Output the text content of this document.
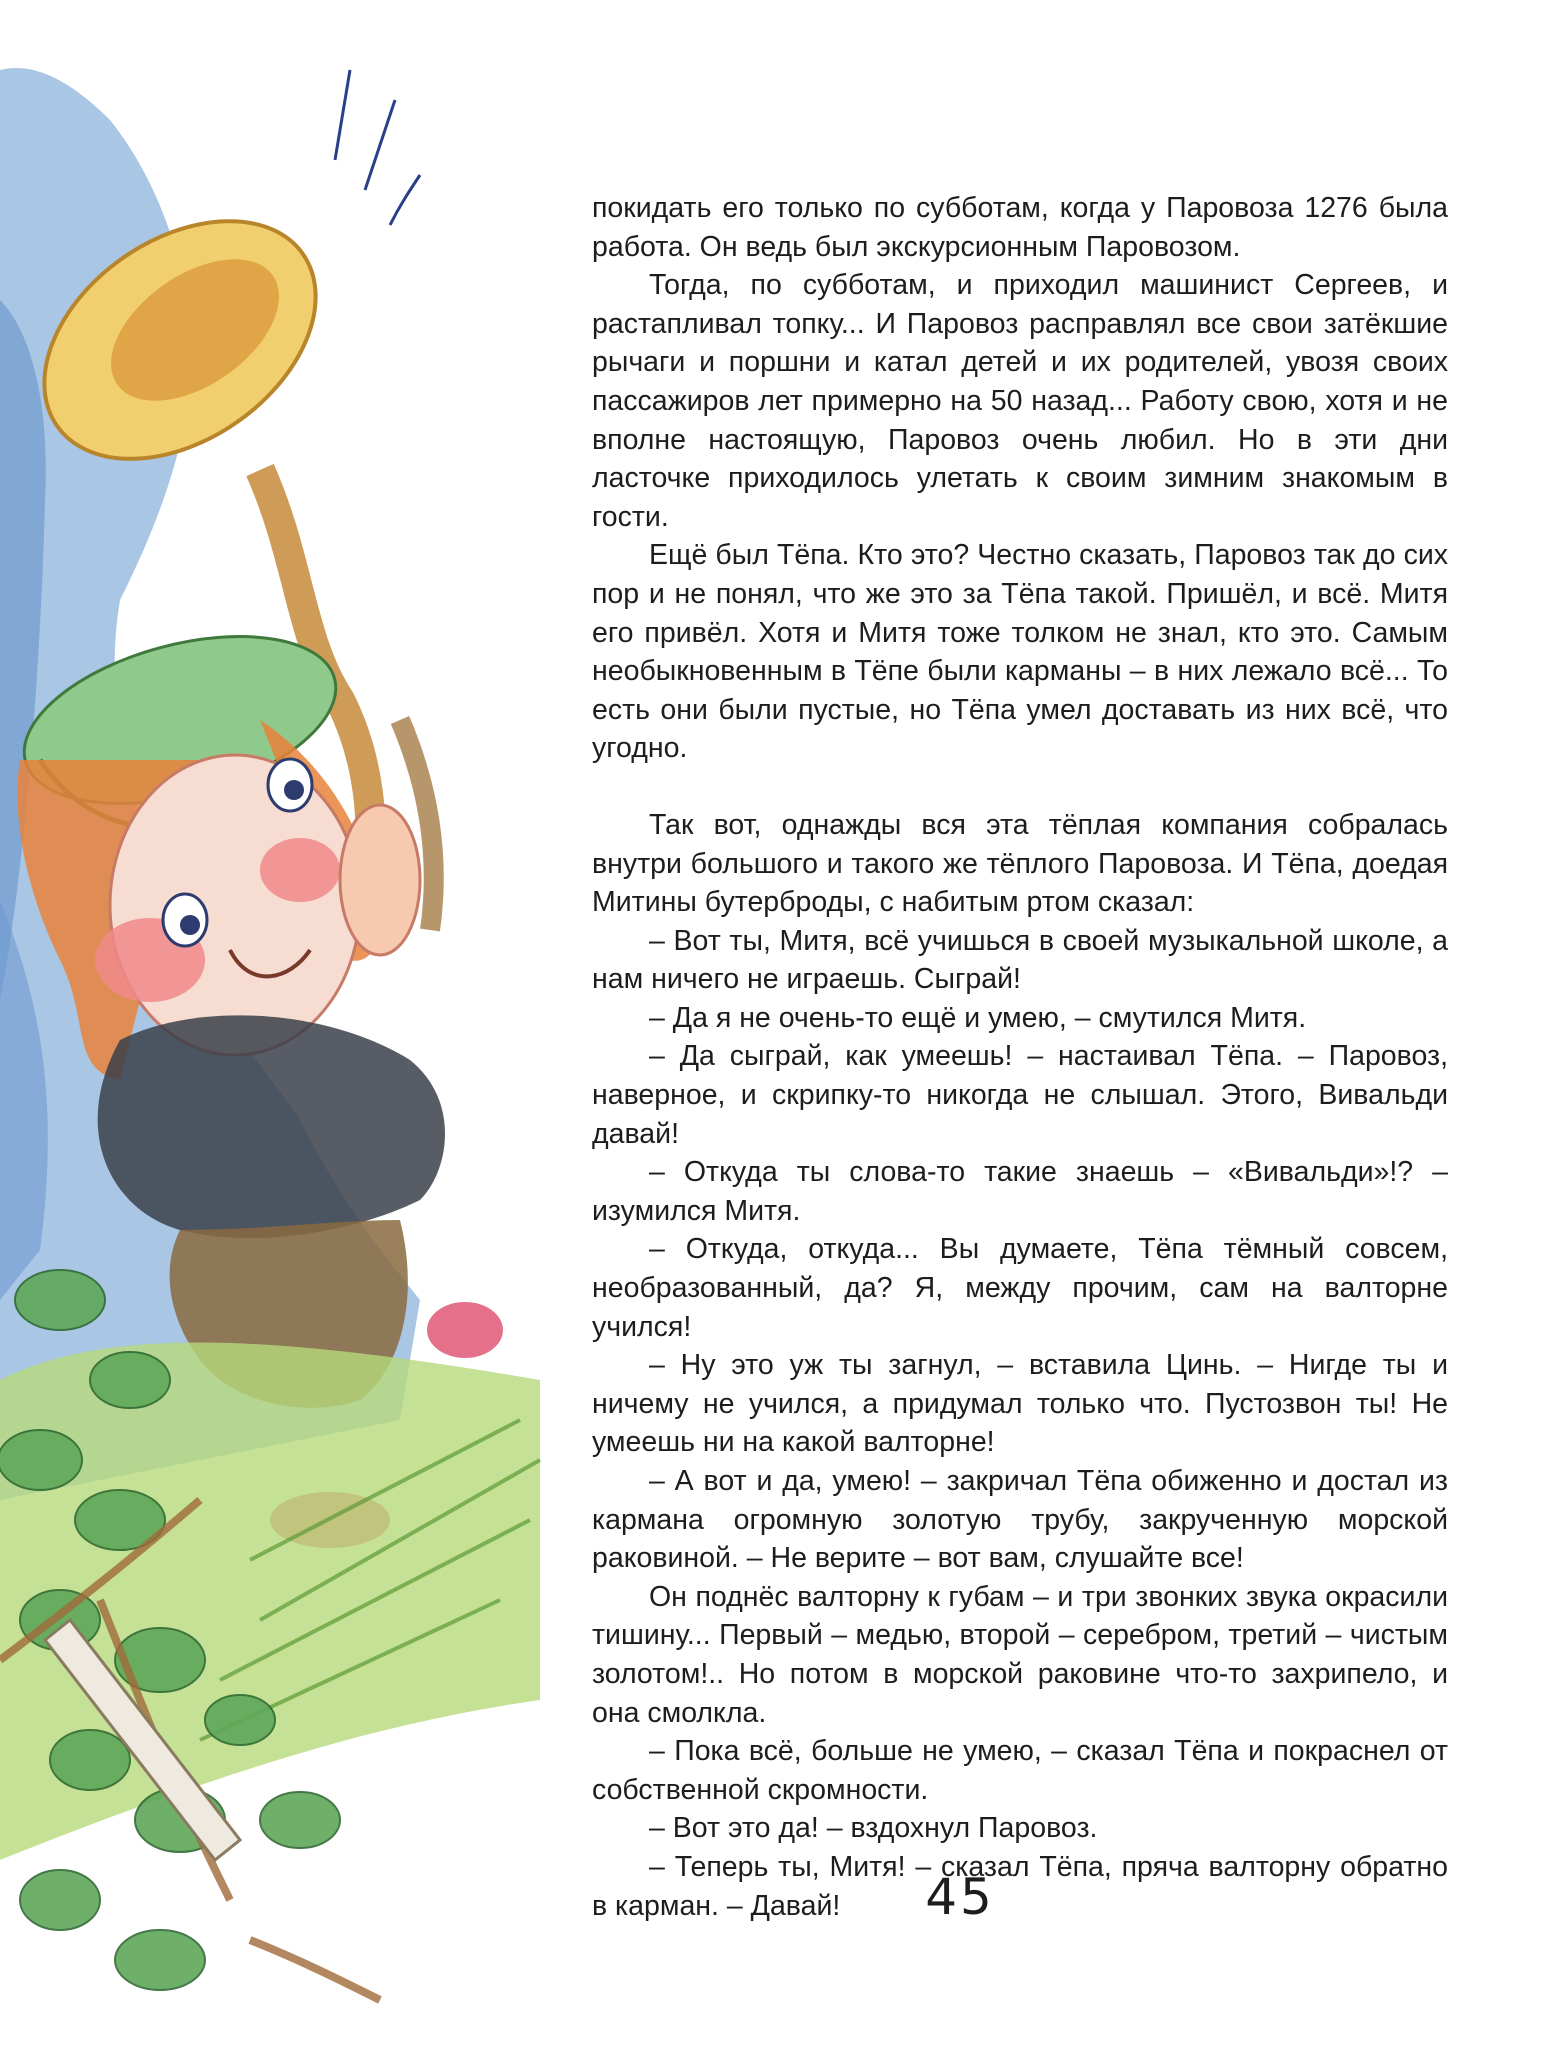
покидать его только по субботам, когда у Паровоза 1276 была работа. Он ведь был экскурсионным Паровозом.

Тогда, по субботам, и приходил машинист Сергеев, и растапливал топку... И Паровоз расправлял все свои затёкшие рычаги и поршни и катал детей и их родителей, увозя своих пассажиров лет примерно на 50 назад... Работу свою, хотя и не вполне настоящую, Паровоз очень любил. Но в эти дни ласточке приходилось улетать к своим зимним знакомым в гости.

Ещё был Тёпа. Кто это? Честно сказать, Паровоз так до сих пор и не понял, что же это за Тёпа такой. Пришёл, и всё. Митя его привёл. Хотя и Митя тоже толком не знал, кто это. Самым необыкновенным в Тёпе были карманы – в них лежало всё... То есть они были пустые, но Тёпа умел доставать из них всё, что угодно.

Так вот, однажды вся эта тёплая компания собралась внутри большого и такого же тёплого Паровоза. И Тёпа, доедая Митины бутерброды, с набитым ртом сказал:

– Вот ты, Митя, всё учишься в своей музыкальной школе, а нам ничего не играешь. Сыграй!

– Да я не очень-то ещё и умею, – смутился Митя.

– Да сыграй, как умеешь! – настаивал Тёпа. – Паровоз, наверное, и скрипку-то никогда не слышал. Этого, Вивальди давай!

– Откуда ты слова-то такие знаешь – «Вивальди»!? – изумился Митя.

– Откуда, откуда... Вы думаете, Тёпа тёмный совсем, необразованный, да? Я, между прочим, сам на валторне учился!

– Ну это уж ты загнул, – вставила Цинь. – Нигде ты и ничему не учился, а придумал только что. Пустозвон ты! Не умеешь ни на какой валторне!

– А вот и да, умею! – закричал Тёпа обиженно и достал из кармана огромную золотую трубу, закрученную морской раковиной. – Не верите – вот вам, слушайте все!

Он поднёс валторну к губам – и три звонких звука окрасили тишину... Первый – медью, второй – серебром, третий – чистым золотом!.. Но потом в морской раковине что-то захрипело, и она смолкла.

– Пока всё, больше не умею, – сказал Тёпа и покраснел от собственной скромности.

– Вот это да! – вздохнул Паровоз.

– Теперь ты, Митя! – сказал Тёпа, пряча валторну обратно в карман. – Давай!	45
